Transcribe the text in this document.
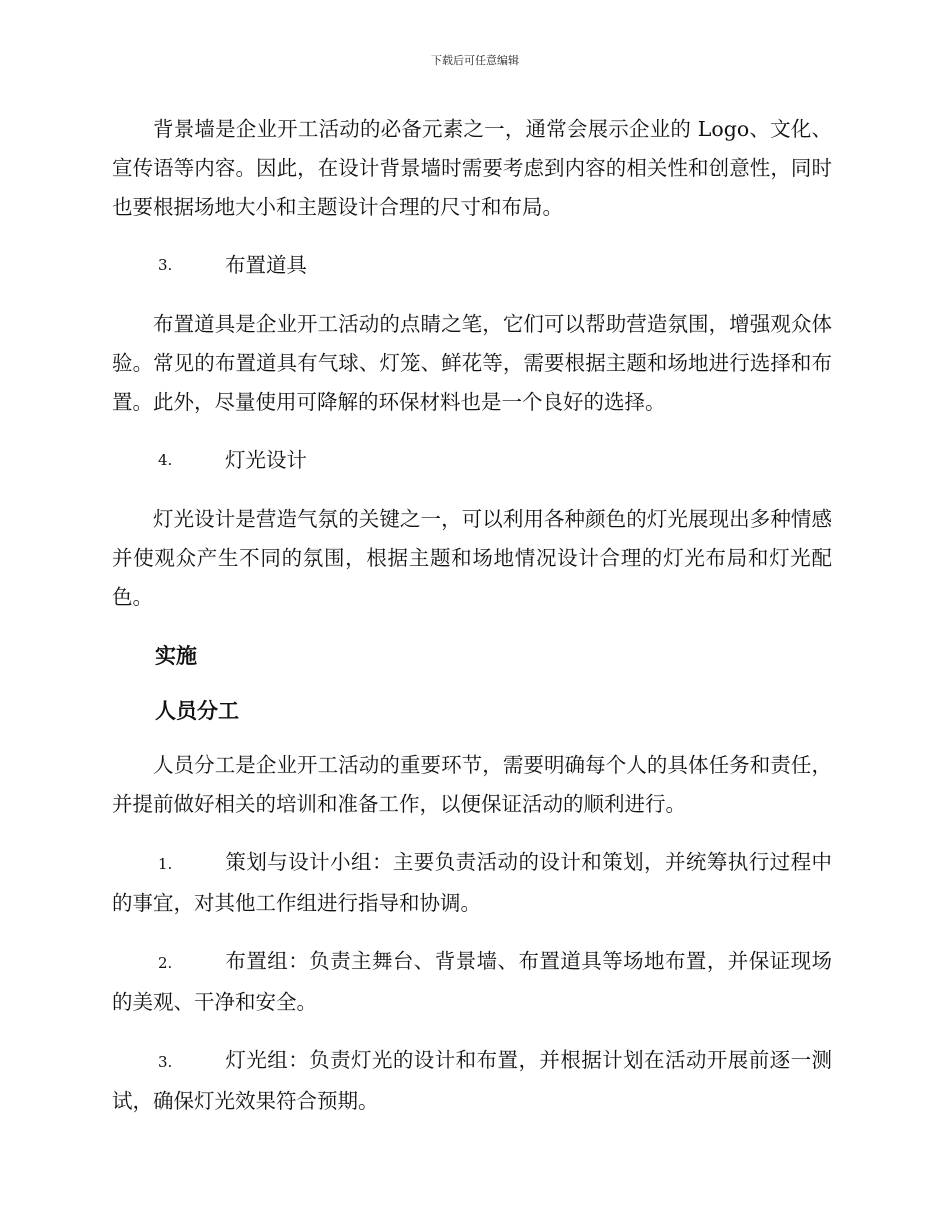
下载后可任意编辑

背景墙是企业开工活动的必备元素之一，通常会展示企业的 Logo、文化、宣传语等内容。因此，在设计背景墙时需要考虑到内容的相关性和创意性，同时也要根据场地大小和主题设计合理的尺寸和布局。

3.	布置道具

布置道具是企业开工活动的点睛之笔，它们可以帮助营造氛围，增强观众体验。常见的布置道具有气球、灯笼、鲜花等，需要根据主题和场地进行选择和布置。此外，尽量使用可降解的环保材料也是一个良好的选择。

4.	灯光设计

灯光设计是营造气氛的关键之一，可以利用各种颜色的灯光展现出多种情感并使观众产生不同的氛围，根据主题和场地情况设计合理的灯光布局和灯光配色。

实施
人员分工

人员分工是企业开工活动的重要环节，需要明确每个人的具体任务和责任，并提前做好相关的培训和准备工作，以便保证活动的顺利进行。

1.	策划与设计小组：主要负责活动的设计和策划，并统筹执行过程中的事宜，对其他工作组进行指导和协调。

2.	布置组：负责主舞台、背景墙、布置道具等场地布置，并保证现场的美观、干净和安全。

3.	灯光组：负责灯光的设计和布置，并根据计划在活动开展前逐一测试，确保灯光效果符合预期。
